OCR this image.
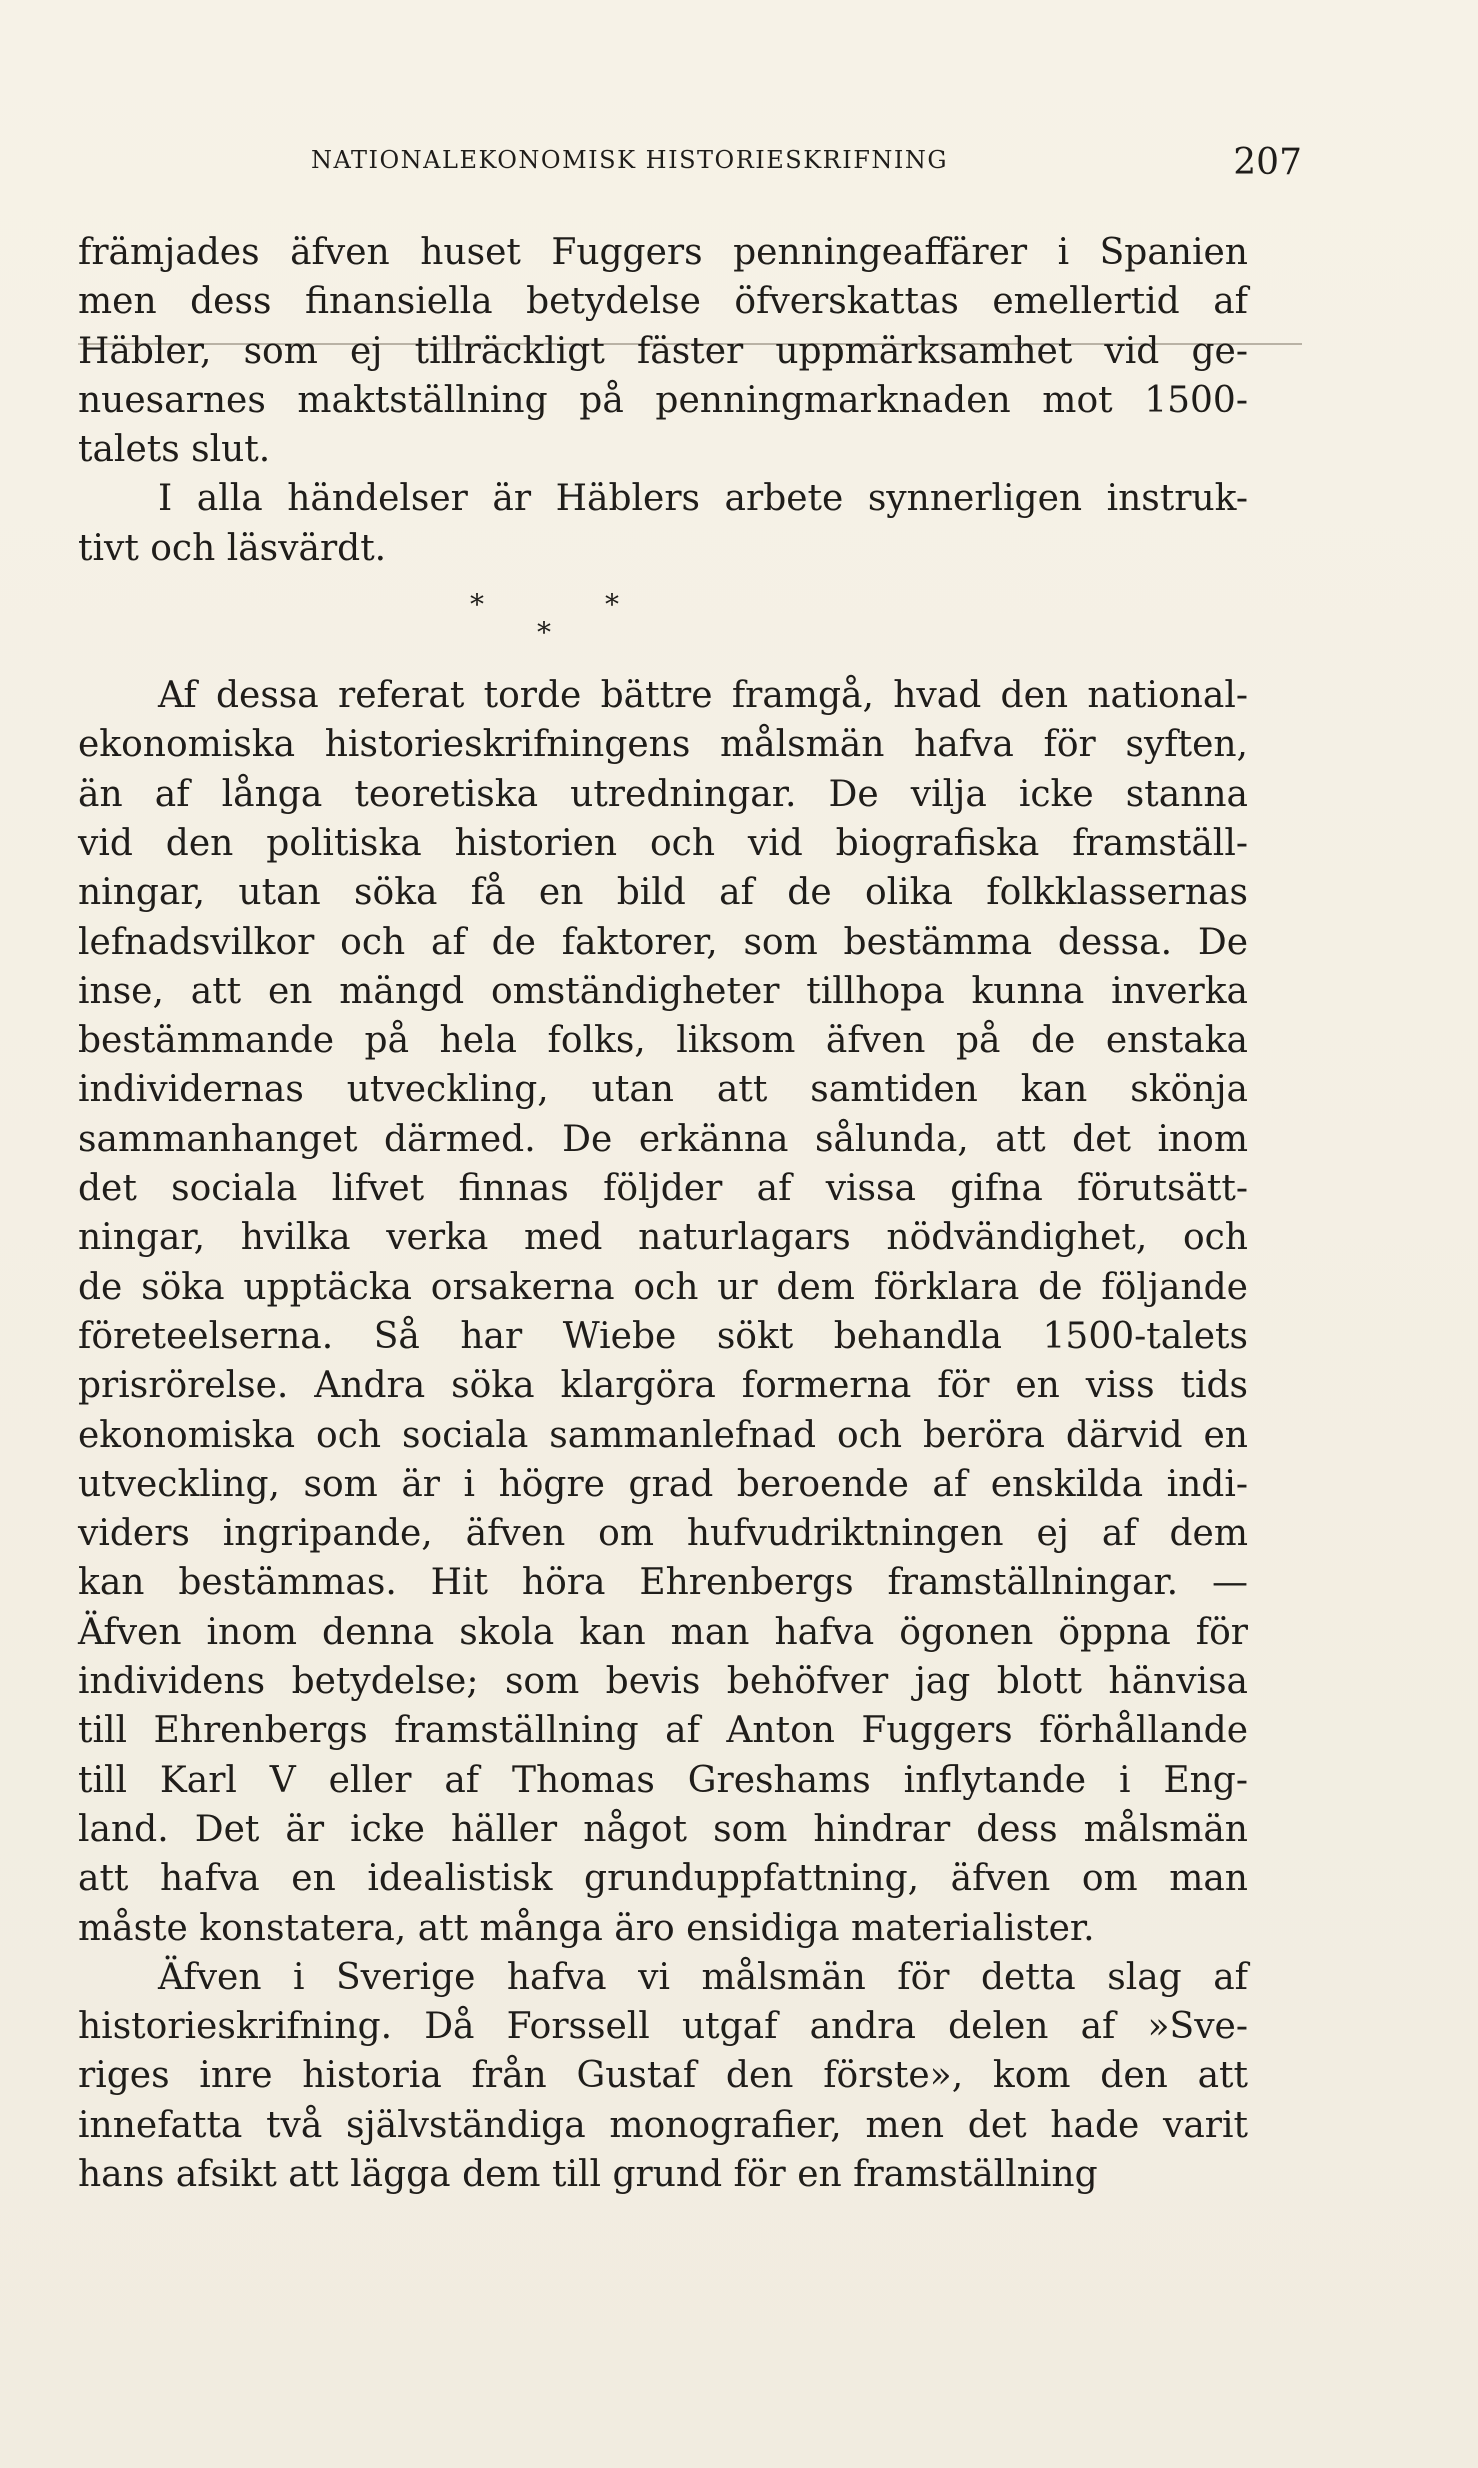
NATIONALEKONOMISK HISTORIESKRIFNING	207
främjades äfven huset Fuggers penningeaffärer i Spanien
men dess finansiella betydelse öfverskattas emellertid af
Häbler, som ej tillräckligt fäster uppmärksamhet vid ge-
nuesarnes maktställning på penningmarknaden mot 1500-
talets slut.
I alla händelser är Häblers arbete synnerligen instruk-
tivt och läsvärdt.
Af dessa referat torde bättre framgå, hvad den national-
ekonomiska historieskrifningens målsmän hafva för syften,
än af långa teoretiska utredningar. De vilja icke stanna
vid den politiska historien och vid biografiska framställ-
ningar, utan söka få en bild af de olika folkklassernas
lefnadsvilkor och af de faktorer, som bestämma dessa. De
inse, att en mängd omständigheter tillhopa kunna inverka
bestämmande på hela folks, liksom äfven på de enstaka
individernas utveckling, utan att samtiden kan skönja
sammanhanget därmed. De erkänna sålunda, att det inom
det sociala lifvet finnas följder af vissa gifna förutsätt-
ningar, hvilka verka med naturlagars nödvändighet, och
de söka upptäcka orsakerna och ur dem förklara de följande
företeelserna. Så har Wiebe sökt behandla 1500-talets
prisrörelse. Andra söka klargöra formerna för en viss tids
ekonomiska och sociala sammanlefnad och beröra därvid en
utveckling, som är i högre grad beroende af enskilda indi-
viders ingripande, äfven om hufvudriktningen ej af dem
kan bestämmas. Hit höra Ehrenbergs framställningar. —
Äfven inom denna skola kan man hafva ögonen öppna för
individens betydelse; som bevis behöfver jag blott hänvisa
till Ehrenbergs framställning af Anton Fuggers förhållande
till Karl V eller af Thomas Greshams inflytande i Eng-
land. Det är icke häller något som hindrar dess målsmän
att hafva en idealistisk grunduppfattning, äfven om man
måste konstatera, att många äro ensidiga materialister.
Äfven i Sverige hafva vi målsmän för detta slag af
historieskrifning. Då Forssell utgaf andra delen af »Sve-
riges inre historia från Gustaf den förste», kom den att
innefatta två självständiga monografier, men det hade varit
hans afsikt att lägga dem till grund för en framställning
*	*
*
